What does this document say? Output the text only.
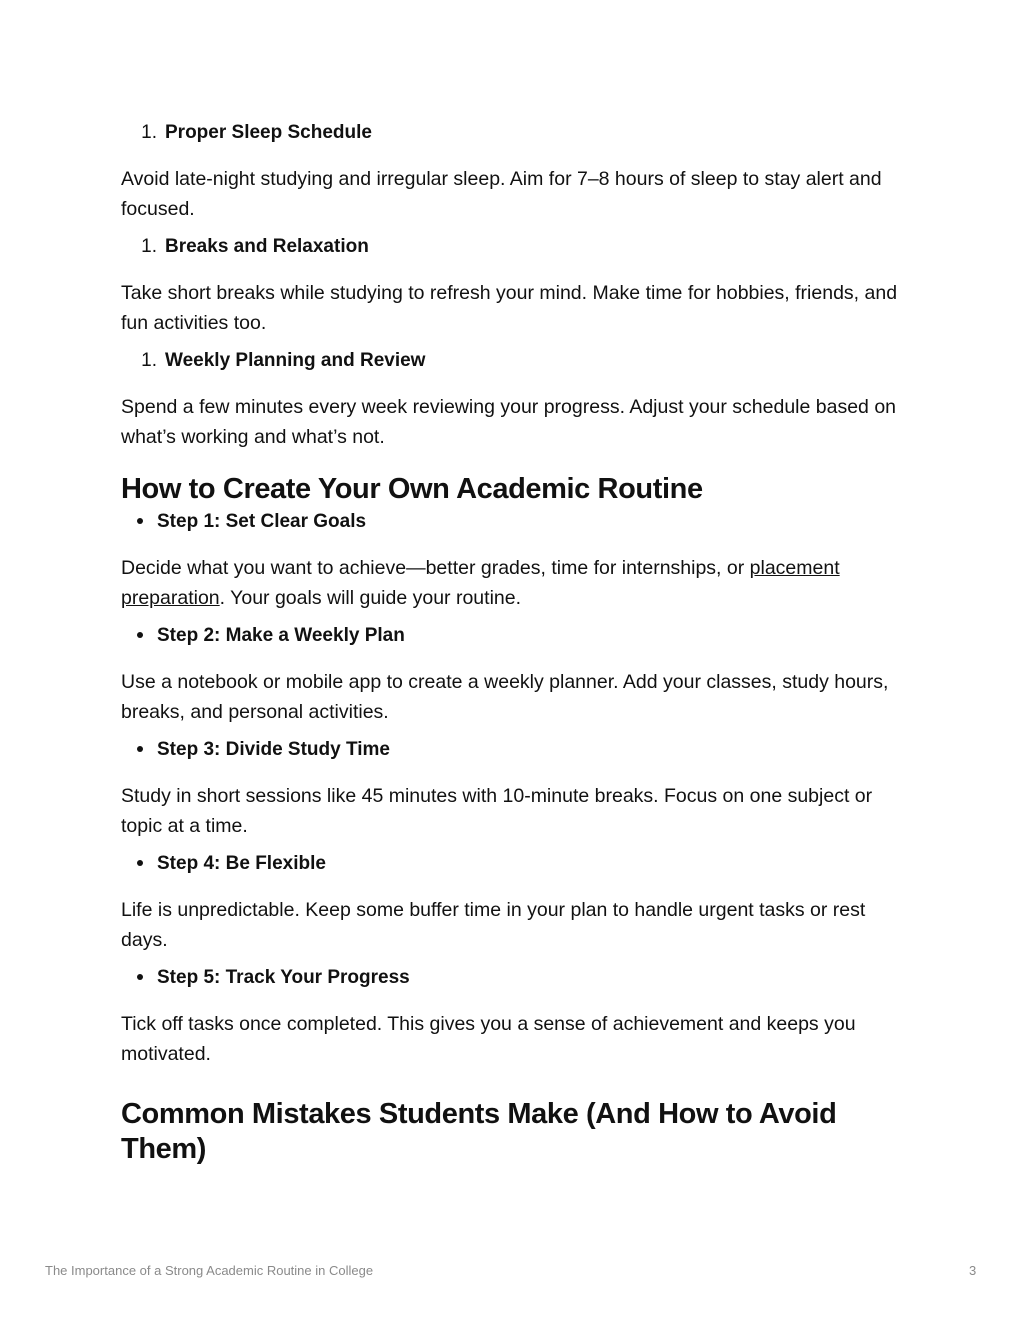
1. Proper Sleep Schedule

Avoid late-night studying and irregular sleep. Aim for 7–8 hours of sleep to stay alert and focused.

1. Breaks and Relaxation

Take short breaks while studying to refresh your mind. Make time for hobbies, friends, and fun activities too.

1. Weekly Planning and Review

Spend a few minutes every week reviewing your progress. Adjust your schedule based on what’s working and what’s not.

How to Create Your Own Academic Routine
Step 1: Set Clear Goals

Decide what you want to achieve—better grades, time for internships, or placement preparation. Your goals will guide your routine.

Step 2: Make a Weekly Plan

Use a notebook or mobile app to create a weekly planner. Add your classes, study hours, breaks, and personal activities.

Step 3: Divide Study Time

Study in short sessions like 45 minutes with 10-minute breaks. Focus on one subject or topic at a time.

Step 4: Be Flexible

Life is unpredictable. Keep some buffer time in your plan to handle urgent tasks or rest days.

Step 5: Track Your Progress

Tick off tasks once completed. This gives you a sense of achievement and keeps you motivated.

Common Mistakes Students Make (And How to Avoid Them)
The Importance of a Strong Academic Routine in College	3
